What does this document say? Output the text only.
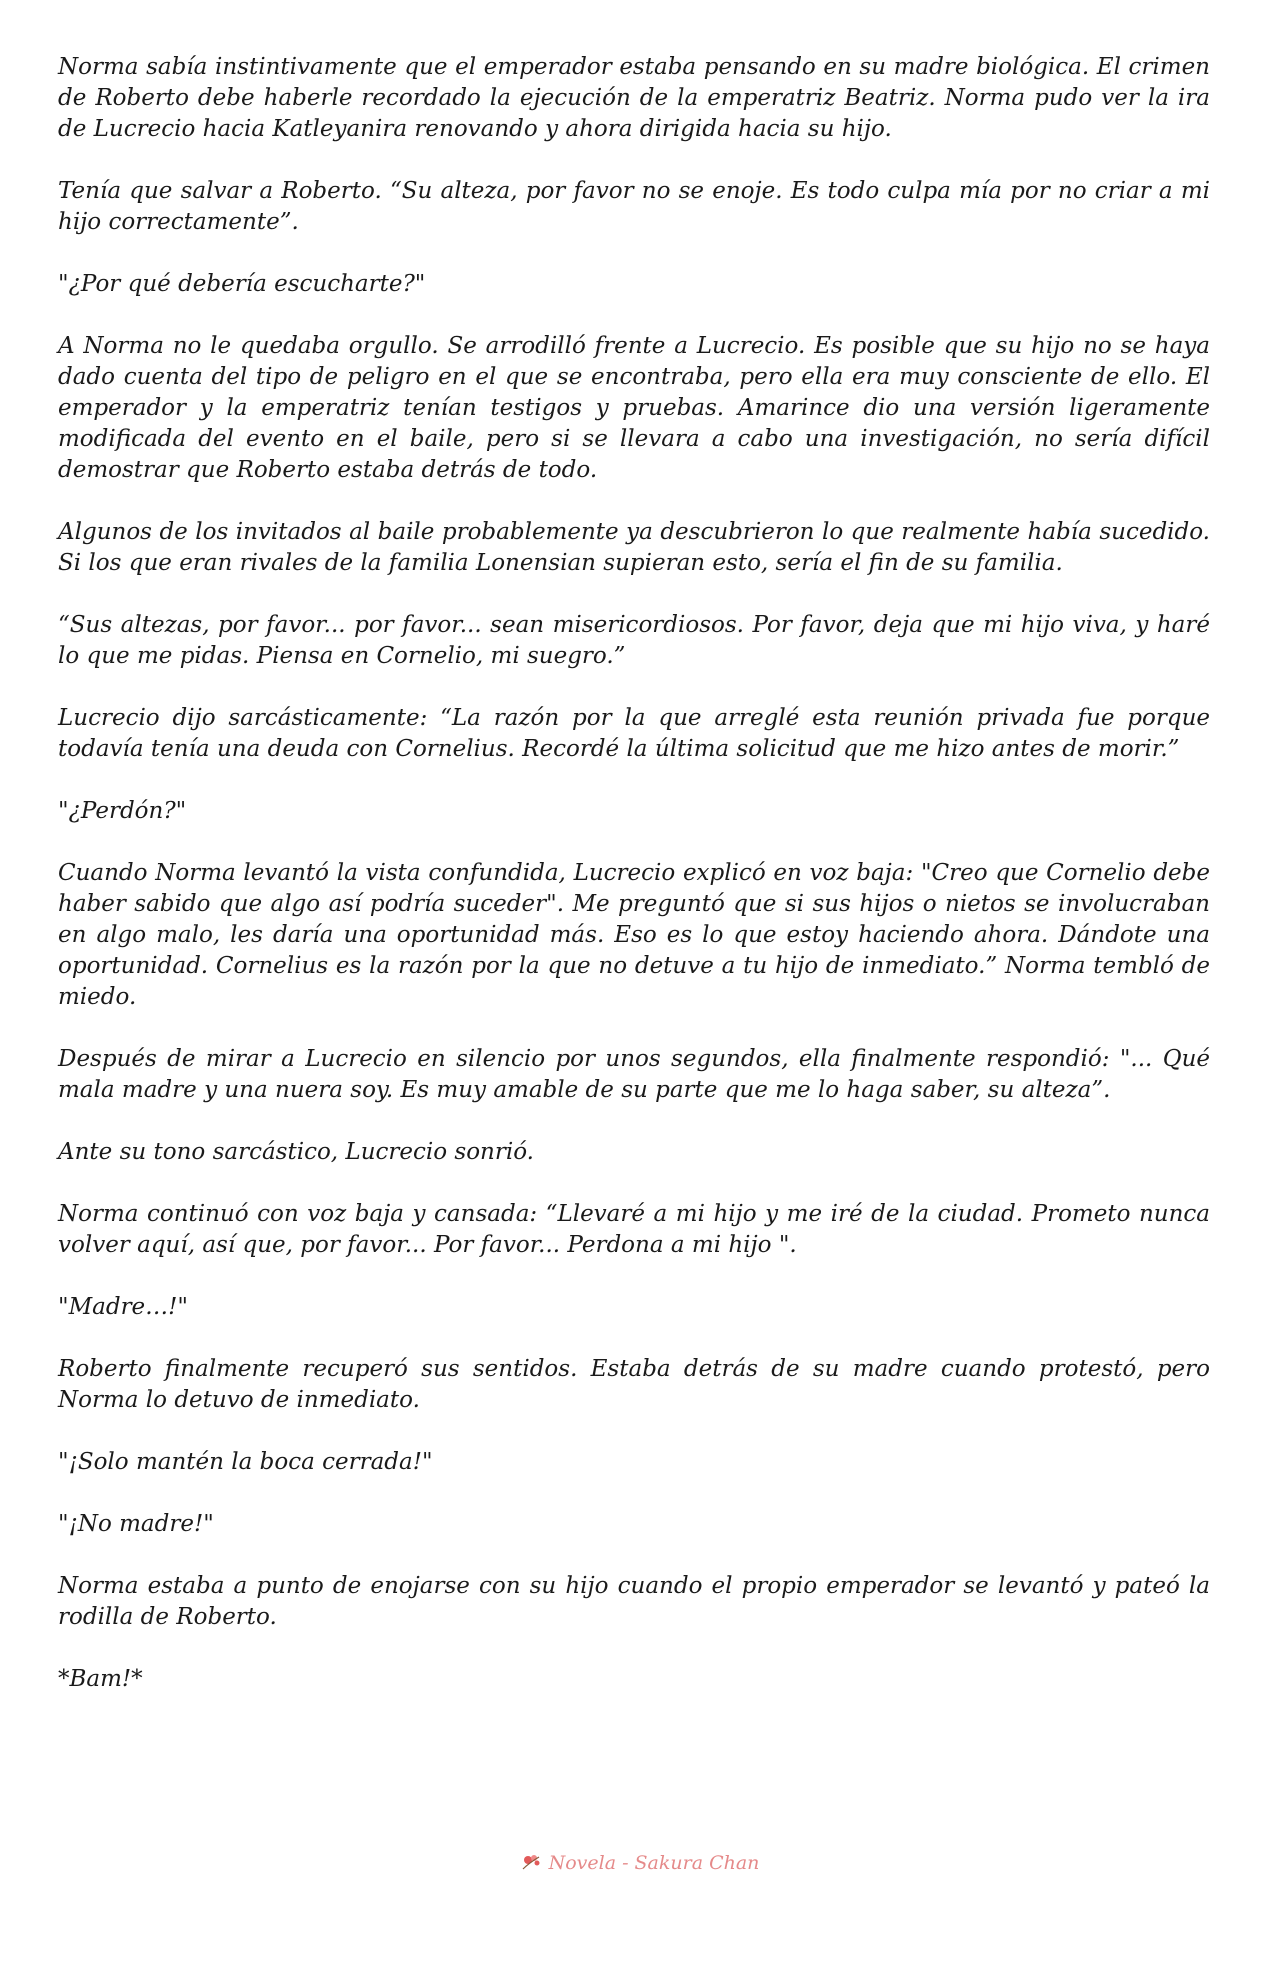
Norma sabía instintivamente que el emperador estaba pensando en su madre biológica. El crimen de Roberto debe haberle recordado la ejecución de la emperatriz Beatriz. Norma pudo ver la ira de Lucrecio hacia Katleyanira renovando y ahora dirigida hacia su hijo.

Tenía que salvar a Roberto. “Su alteza, por favor no se enoje. Es todo culpa mía por no criar a mi hijo correctamente”.

"¿Por qué debería escucharte?"

A Norma no le quedaba orgullo. Se arrodilló frente a Lucrecio. Es posible que su hijo no se haya dado cuenta del tipo de peligro en el que se encontraba, pero ella era muy consciente de ello. El emperador y la emperatriz tenían testigos y pruebas. Amarince dio una versión ligeramente modificada del evento en el baile, pero si se llevara a cabo una investigación, no sería difícil demostrar que Roberto estaba detrás de todo.

Algunos de los invitados al baile probablemente ya descubrieron lo que realmente había sucedido. Si los que eran rivales de la familia Lonensian supieran esto, sería el fin de su familia.

“Sus altezas, por favor... por favor... sean misericordiosos. Por favor, deja que mi hijo viva, y haré lo que me pidas. Piensa en Cornelio, mi suegro.”

Lucrecio dijo sarcásticamente: “La razón por la que arreglé esta reunión privada fue porque todavía tenía una deuda con Cornelius. Recordé la última solicitud que me hizo antes de morir.”

"¿Perdón?"

Cuando Norma levantó la vista confundida, Lucrecio explicó en voz baja: "Creo que Cornelio debe haber sabido que algo así podría suceder". Me preguntó que si sus hijos o nietos se involucraban en algo malo, les daría una oportunidad más. Eso es lo que estoy haciendo ahora. Dándote una oportunidad. Cornelius es la razón por la que no detuve a tu hijo de inmediato.” Norma tembló de miedo.

Después de mirar a Lucrecio en silencio por unos segundos, ella finalmente respondió: "... Qué mala madre y una nuera soy. Es muy amable de su parte que me lo haga saber, su alteza”.

Ante su tono sarcástico, Lucrecio sonrió.

Norma continuó con voz baja y cansada: “Llevaré a mi hijo y me iré de la ciudad. Prometo nunca volver aquí, así que, por favor... Por favor... Perdona a mi hijo ".

"Madre…!"

Roberto finalmente recuperó sus sentidos. Estaba detrás de su madre cuando protestó, pero Norma lo detuvo de inmediato.

"¡Solo mantén la boca cerrada!"

"¡No madre!"

Norma estaba a punto de enojarse con su hijo cuando el propio emperador se levantó y pateó la rodilla de Roberto.

*Bam!*

Novela - Sakura Chan
